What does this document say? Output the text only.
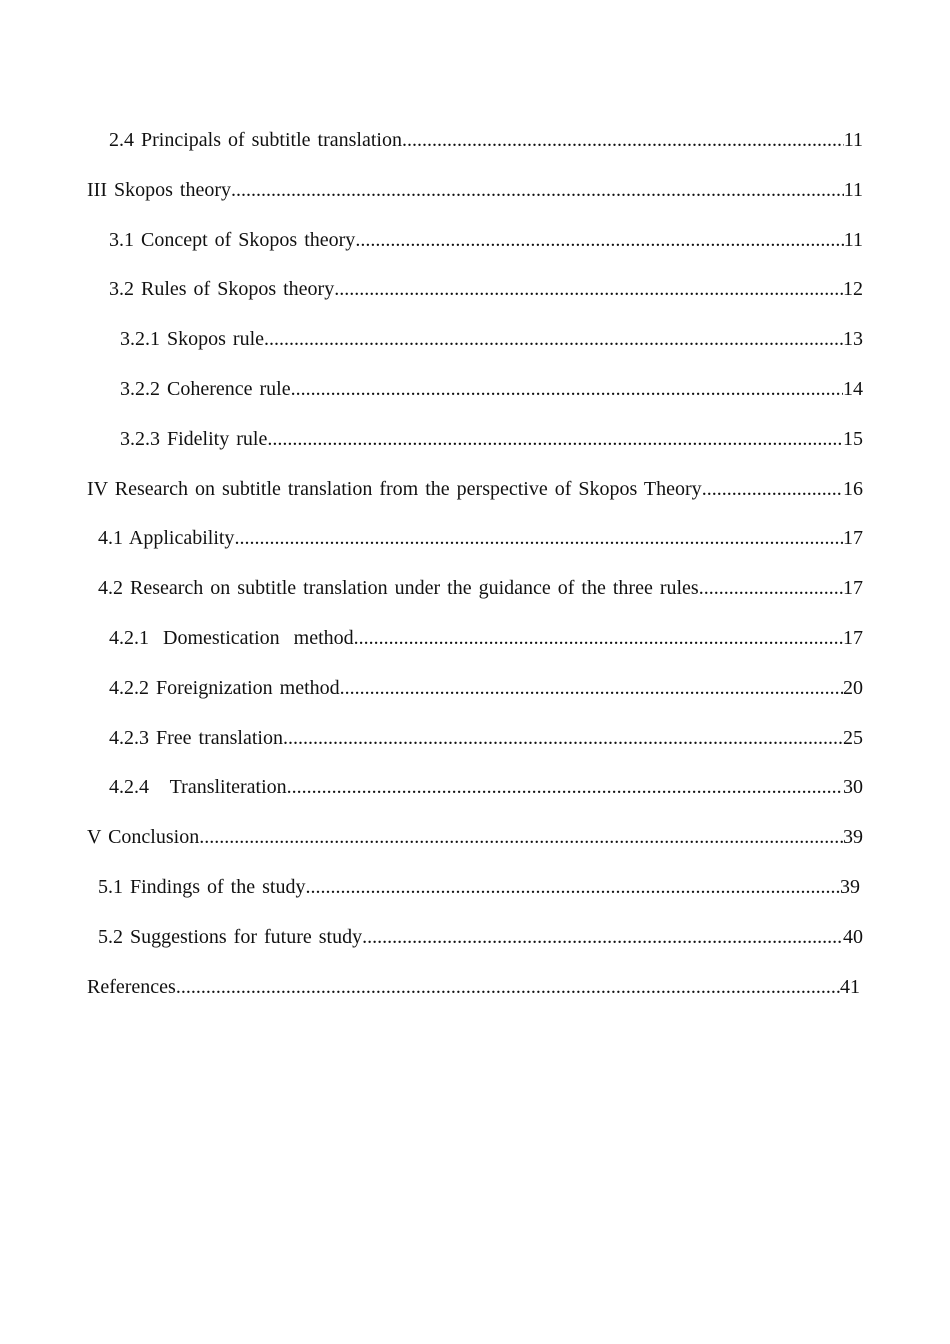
2.4 Principals of subtitle translation .....	11
III Skopos theory .....	11
3.1 Concept of Skopos theory .....	11
3.2 Rules of Skopos theory .....	12
3.2.1 Skopos rule .....	13
3.2.2 Coherence rule .....	14
3.2.3 Fidelity rule .....	15
IV Research on subtitle translation from the perspective of Skopos Theory .....	16
4.1 Applicability .....	17
4.2 Research on subtitle translation under the guidance of the three rules .....	17
4.2.1  Domestication  method .....	17
4.2.2 Foreignization method .....	20
4.2.3 Free translation .....	25
4.2.4   Transliteration .....	30
V Conclusion .....	39
5.1 Findings of the study .....	39
5.2 Suggestions for future study .....	40
References .....	41
